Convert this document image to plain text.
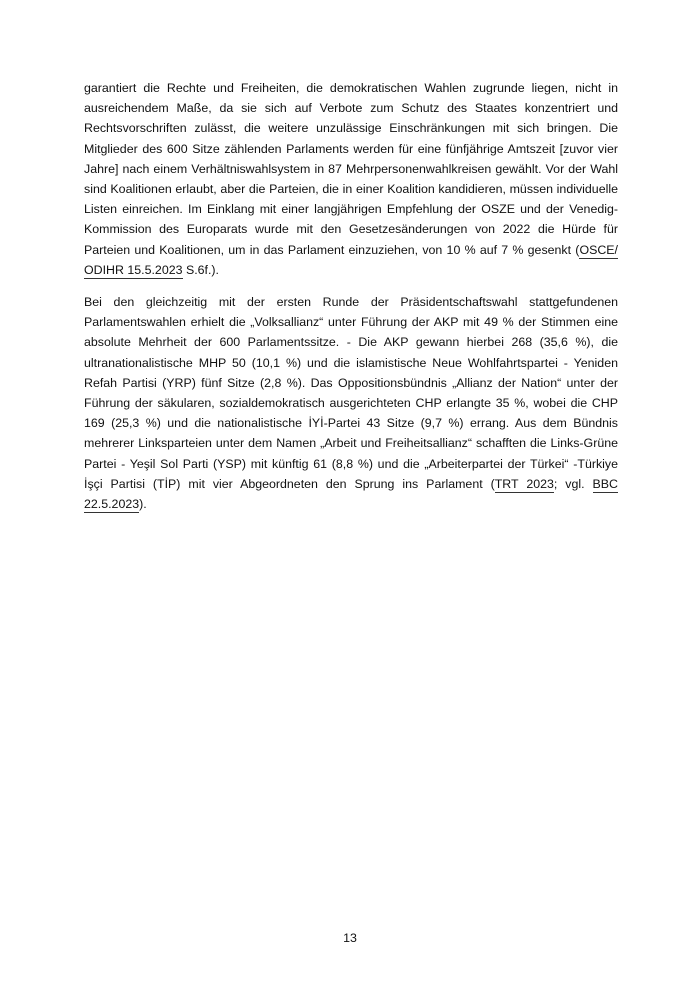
garantiert die Rechte und Freiheiten, die demokratischen Wahlen zugrunde liegen, nicht in ausreichendem Maße, da sie sich auf Verbote zum Schutz des Staates konzentriert und Rechtsvorschriften zulässt, die weitere unzulässige Einschränkungen mit sich bringen. Die Mitglieder des 600 Sitze zählenden Parlaments werden für eine fünfjährige Amtszeit [zuvor vier Jahre] nach einem Verhältniswahlsystem in 87 Mehrpersonenwahlkreisen gewählt. Vor der Wahl sind Koalitionen erlaubt, aber die Parteien, die in einer Koalition kandidieren, müssen individuelle Listen einreichen. Im Einklang mit einer langjährigen Empfehlung der OSZE und der Venedig-Kommission des Europarats wurde mit den Gesetzesänderungen von 2022 die Hürde für Parteien und Koalitionen, um in das Parlament einzuziehen, von 10 % auf 7 % gesenkt (OSCE/ ODIHR 15.5.2023 S.6f.).

Bei den gleichzeitig mit der ersten Runde der Präsidentschaftswahl stattgefundenen Parlamentswahlen erhielt die „Volksallianz“ unter Führung der AKP mit 49 % der Stimmen eine absolute Mehrheit der 600 Parlamentssitze. - Die AKP gewann hierbei 268 (35,6 %), die ultranationalistische MHP 50 (10,1 %) und die islamistische Neue Wohlfahrtspartei - Yeniden Refah Partisi (YRP) fünf Sitze (2,8 %). Das Oppositionsbündnis „Allianz der Nation“ unter der Führung der säkularen, sozialdemokratisch ausgerichteten CHP erlangte 35 %, wobei die CHP 169 (25,3 %) und die nationalistische İYİ-Partei 43 Sitze (9,7 %) errang. Aus dem Bündnis mehrerer Linksparteien unter dem Namen „Arbeit und Freiheitsallianz“ schafften die Links-Grüne Partei - Yeşil Sol Parti (YSP) mit künftig 61 (8,8 %) und die „Arbeiterpartei der Türkei“ -Türkiye İşçi Partisi (TİP) mit vier Abgeordneten den Sprung ins Parlament (TRT 2023; vgl. BBC 22.5.2023).

13
